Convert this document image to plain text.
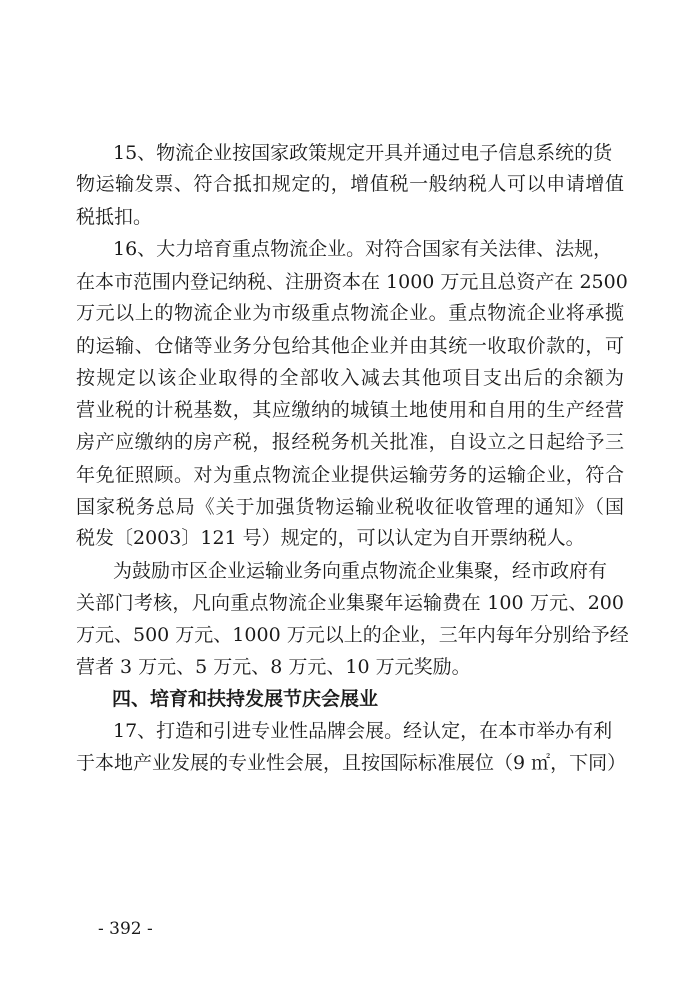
15、物流企业按国家政策规定开具并通过电子信息系统的货
物运输发票、符合抵扣规定的，增值税一般纳税人可以申请增值
税抵扣。
16、大力培育重点物流企业。对符合国家有关法律、法规，
在本市范围内登记纳税、注册资本在 1000 万元且总资产在 2500
万元以上的物流企业为市级重点物流企业。重点物流企业将承揽
的运输、仓储等业务分包给其他企业并由其统一收取价款的，可
按规定以该企业取得的全部收入减去其他项目支出后的余额为
营业税的计税基数，其应缴纳的城镇土地使用和自用的生产经营
房产应缴纳的房产税，报经税务机关批准，自设立之日起给予三
年免征照顾。对为重点物流企业提供运输劳务的运输企业，符合
国家税务总局《关于加强货物运输业税收征收管理的通知》（国
税发〔2003〕121 号）规定的，可以认定为自开票纳税人。
为鼓励市区企业运输业务向重点物流企业集聚，经市政府有
关部门考核，凡向重点物流企业集聚年运输费在 100 万元、200
万元、500 万元、1000 万元以上的企业，三年内每年分别给予经
营者 3 万元、5 万元、8 万元、10 万元奖励。
四、培育和扶持发展节庆会展业
17、打造和引进专业性品牌会展。经认定，在本市举办有利
于本地产业发展的专业性会展，且按国际标准展位（9 ㎡，下同）
- 392 -
